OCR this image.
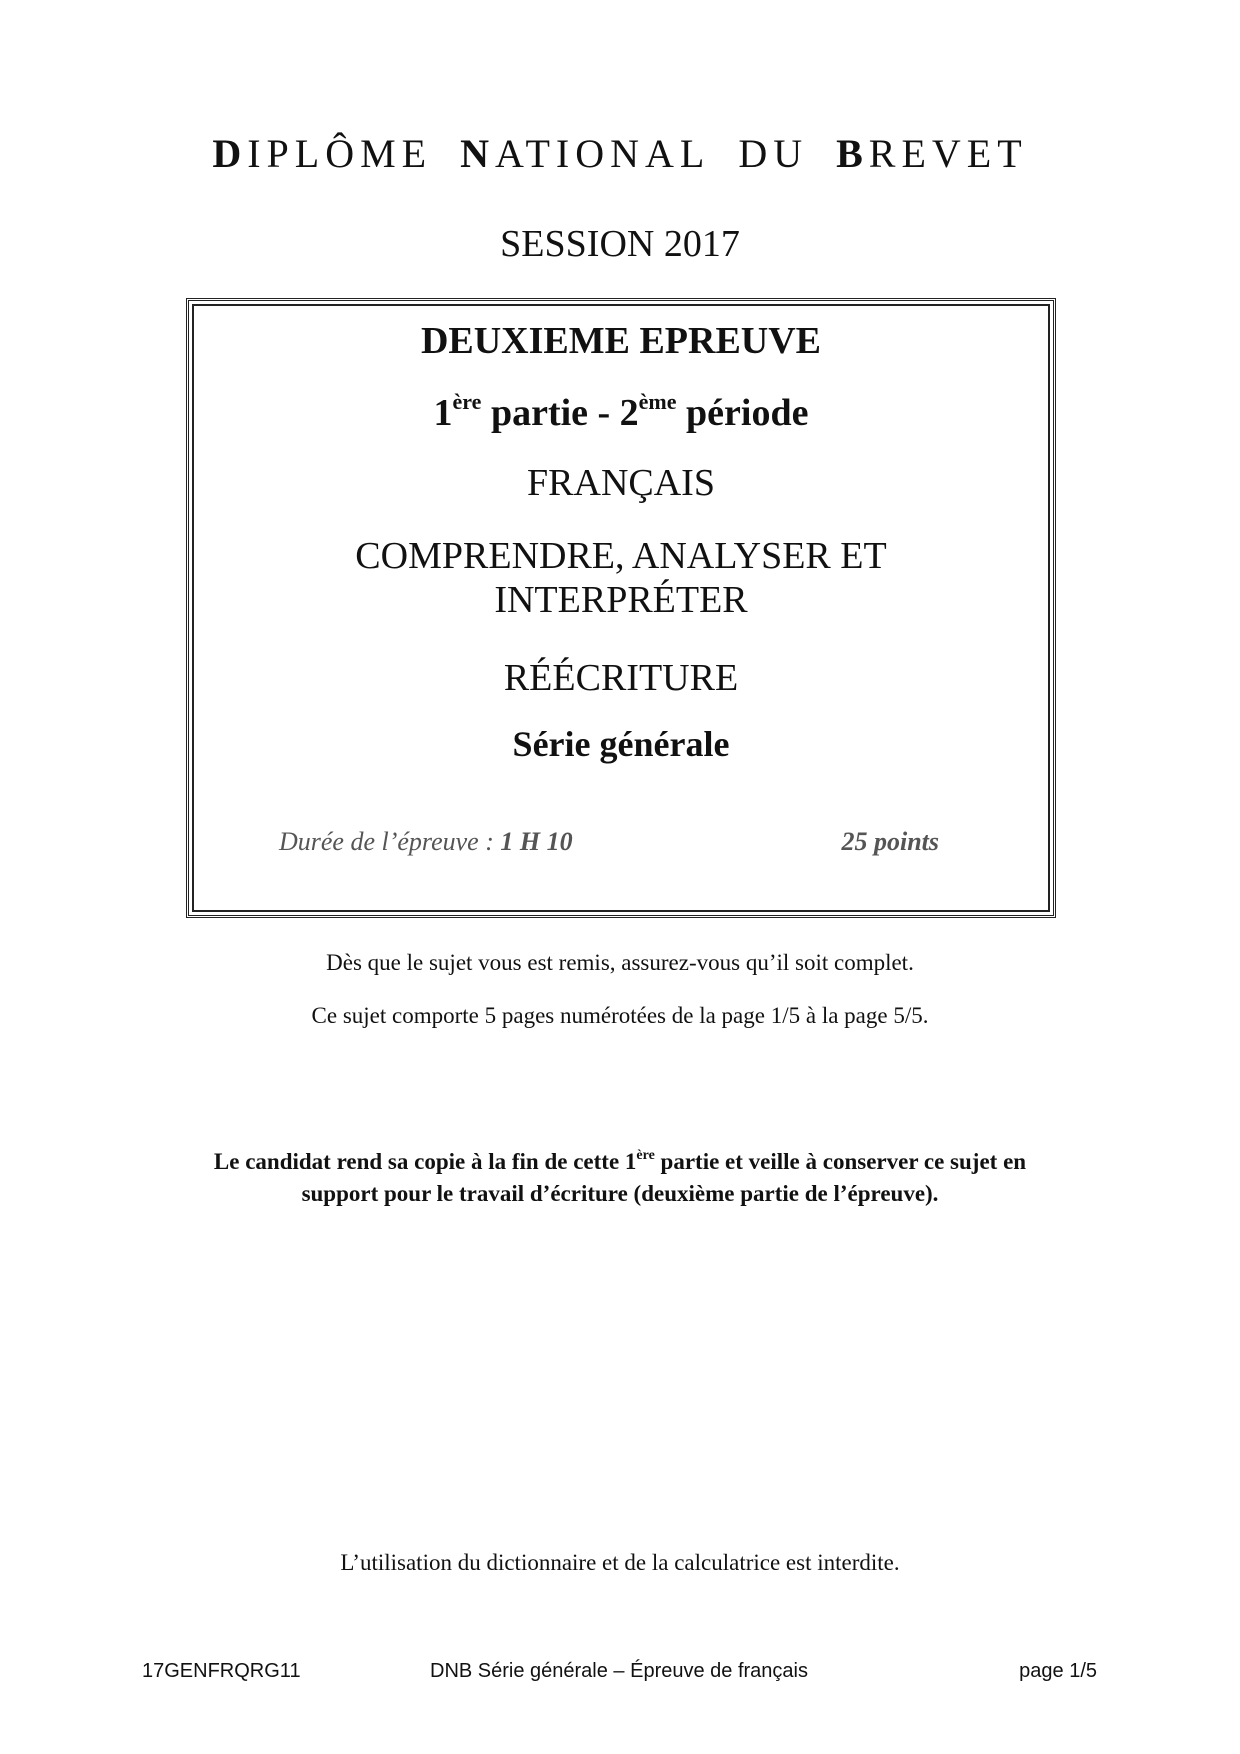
DIPLÔME NATIONAL DU BREVET
SESSION 2017
DEUXIEME EPREUVE
1ère partie - 2ème période
FRANÇAIS
COMPRENDRE, ANALYSER ET
INTERPRÉTER
RÉÉCRITURE
Série générale
Durée de l’épreuve : 1 H 10	25 points
Dès que le sujet vous est remis, assurez-vous qu’il soit complet.
Ce sujet comporte 5 pages numérotées de la page 1/5 à la page 5/5.
Le candidat rend sa copie à la fin de cette 1ère partie et veille à conserver ce sujet en
support pour le travail d’écriture (deuxième partie de l’épreuve).
L’utilisation du dictionnaire et de la calculatrice est interdite.
17GENFRQRG11	DNB Série générale – Épreuve de français	page 1/5
